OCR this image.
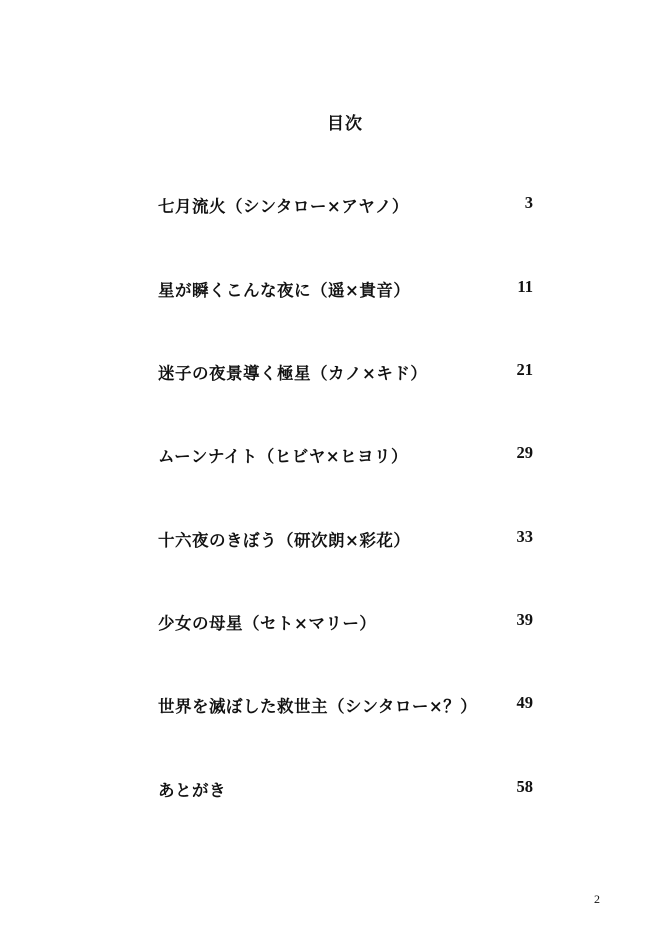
目次
七月流火（シンタロー×アヤノ）	3
星が瞬くこんな夜に（遥×貴音）	11
迷子の夜景導く極星（カノ×キド）	21
ムーンナイト（ヒビヤ×ヒヨリ）	29
十六夜のきぼう（研次朗×彩花）	33
少女の母星（セト×マリー）	39
世界を滅ぼした救世主（シンタロー×？） 49
あとがき	58
2
